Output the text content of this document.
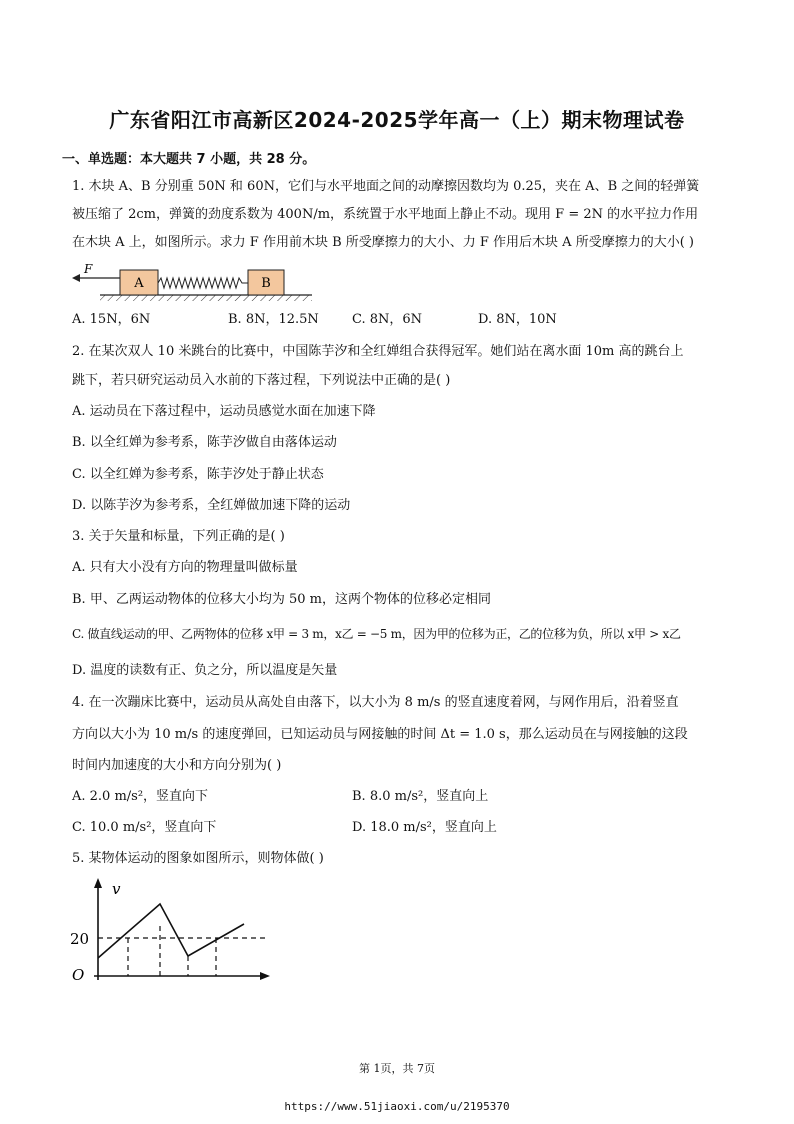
广东省阳江市高新区2024-2025学年高一（上）期末物理试卷
一、单选题：本大题共 7 小题，共 28 分。
1. 木块 A、B 分别重 50N 和 60N，它们与水平地面之间的动摩擦因数均为 0.25，夹在 A、B 之间的轻弹簧
被压缩了 2cm，弹簧的劲度系数为 400N/m，系统置于水平地面上静止不动。现用 F = 2N 的水平拉力作用
在木块 A 上，如图所示。求力 F 作用前木块 B 所受摩擦力的大小、力 F 作用后木块 A 所受摩擦力的大小( )
A	B
F
A. 15N，6N	B. 8N，12.5N	C. 8N，6N	D. 8N，10N
2. 在某次双人 10 米跳台的比赛中，中国陈芋汐和全红婵组合获得冠军。她们站在离水面 10m 高的跳台上
跳下，若只研究运动员入水前的下落过程，下列说法中正确的是( )
A. 运动员在下落过程中，运动员感觉水面在加速下降
B. 以全红婵为参考系，陈芋汐做自由落体运动
C. 以全红婵为参考系，陈芋汐处于静止状态
D. 以陈芋汐为参考系，全红婵做加速下降的运动
3. 关于矢量和标量，下列正确的是( )
A. 只有大小没有方向的物理量叫做标量
B. 甲、乙两运动物体的位移大小均为 50 m，这两个物体的位移必定相同
C. 做直线运动的甲、乙两物体的位移 x甲 = 3 m，x乙 = −5 m，因为甲的位移为正，乙的位移为负，所以 x甲 > x乙
D. 温度的读数有正、负之分，所以温度是矢量
4. 在一次蹦床比赛中，运动员从高处自由落下，以大小为 8 m/s 的竖直速度着网，与网作用后，沿着竖直
方向以大小为 10 m/s 的速度弹回，已知运动员与网接触的时间 Δt = 1.0 s，那么运动员在与网接触的这段
时间内加速度的大小和方向分别为( )
A. 2.0 m/s²，竖直向下	B. 8.0 m/s²，竖直向上
C. 10.0 m/s²，竖直向下	D. 18.0 m/s²，竖直向上
5. 某物体运动的图象如图所示，则物体做( )
v
O
20
第 1页，共 7页
https://www.51jiaoxi.com/u/2195370
